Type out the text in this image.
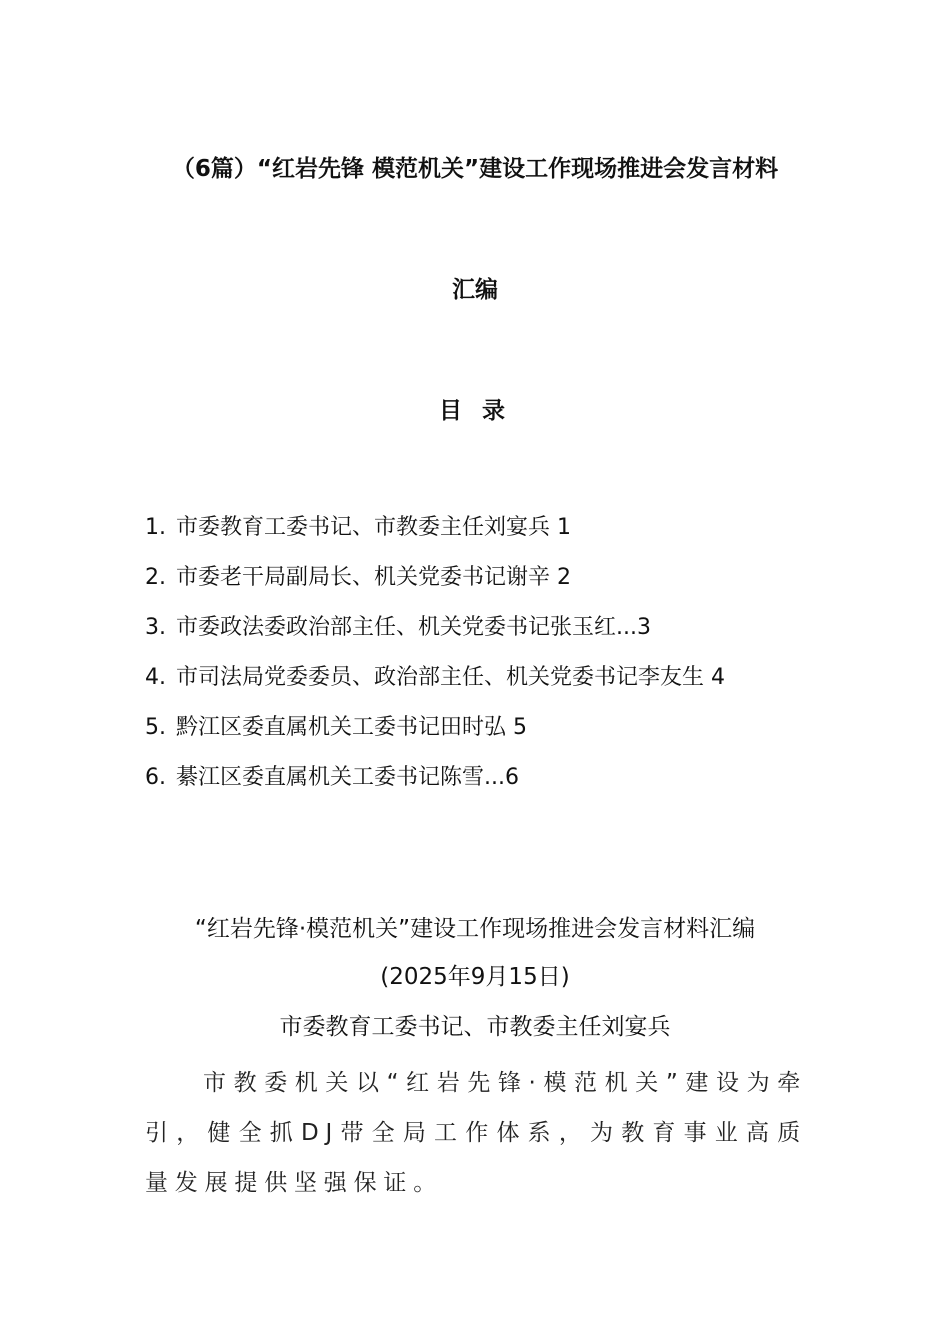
（6篇）“红岩先锋 模范机关”建设工作现场推进会发言材料
汇编
目 录
1. 市委教育工委书记、市教委主任刘宴兵 1
2. 市委老干局副局长、机关党委书记谢辛 2
3. 市委政法委政治部主任、机关党委书记张玉红...3
4. 市司法局党委委员、政治部主任、机关党委书记李友生 4
5. 黔江区委直属机关工委书记田时弘 5
6. 綦江区委直属机关工委书记陈雪...6
“红岩先锋·模范机关”建设工作现场推进会发言材料汇编
(2025年9月15日)
市委教育工委书记、市教委主任刘宴兵

市教委机关以“红岩先锋·模范机关”建设为牵引，健全抓DJ带全局工作体系，为教育事业高质量发展提供坚强保证。
